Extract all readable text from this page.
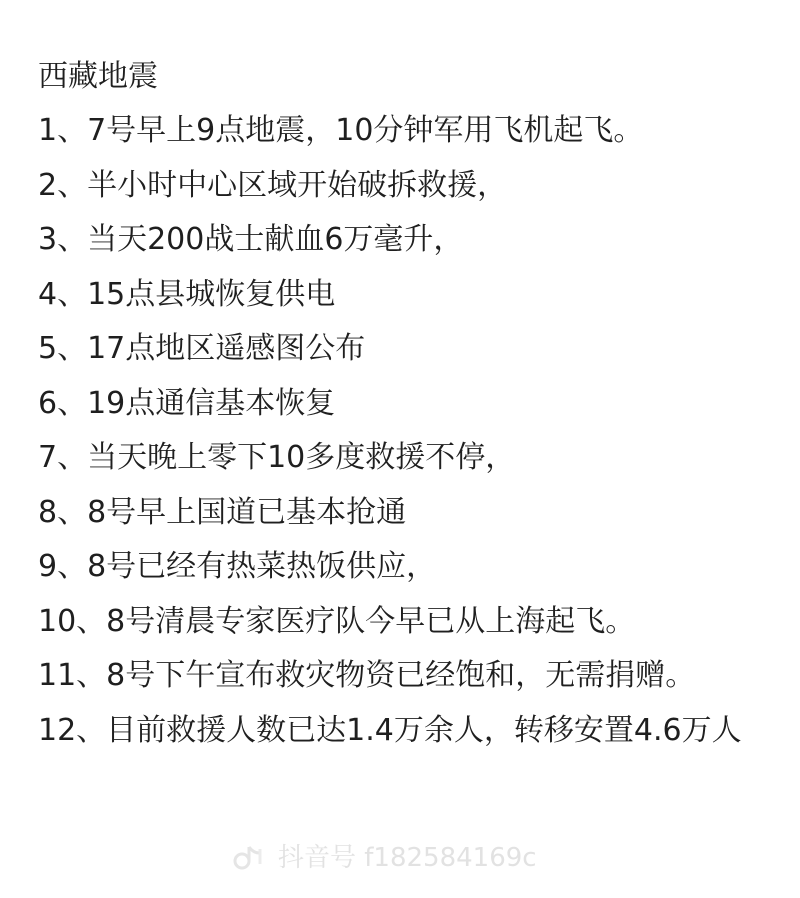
西藏地震
1、7号早上9点地震，10分钟军用飞机起飞。
2、半小时中心区域开始破拆救援，
3、当天200战士献血6万毫升，
4、15点县城恢复供电
5、17点地区遥感图公布
6、19点通信基本恢复
7、当天晚上零下10多度救援不停，
8、8号早上国道已基本抢通
9、8号已经有热菜热饭供应，
10、8号清晨专家医疗队今早已从上海起飞。
11、8号下午宣布救灾物资已经饱和，无需捐赠。
12、目前救援人数已达1.4万余人，转移安置4.6万人
抖音号 f182584169c
